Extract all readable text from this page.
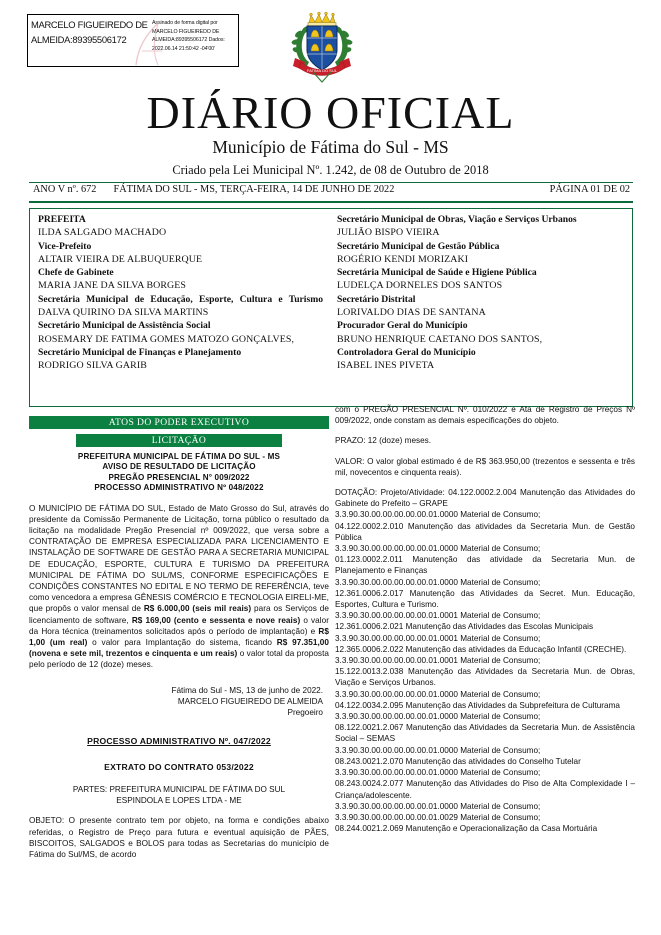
MARCELO FIGUEIREDO DE ALMEIDA:89395506172
Assinado de forma digital por MARCELO FIGUEIREDO DE ALMEIDA:89395506172 Dados: 2022.06.14 21:50:42 -04'00'
FATIMA DO SUL
DIÁRIO OFICIAL
Município de Fátima do Sul - MS
Criado pela Lei Municipal Nº. 1.242, de 08 de Outubro de 2018
ANO V nº. 672	FÁTIMA DO SUL - MS, TERÇA-FEIRA, 14 DE JUNHO DE 2022	PÁGINA 01 DE 02
PREFEITA
ILDA SALGADO MACHADO
Vice-Prefeito
ALTAIR VIEIRA DE ALBUQUERQUE
Chefe de Gabinete
MARIA JANE DA SILVA BORGES
Secretária Municipal de Educação, Esporte, Cultura e Turismo
DALVA QUIRINO DA SILVA MARTINS
Secretário Municipal de Assistência Social
ROSEMARY DE FATIMA GOMES MATOZO GONÇALVES,
Secretário Municipal de Finanças e Planejamento
RODRIGO SILVA GARIB
Secretário Municipal de Obras, Viação e Serviços Urbanos
JULIÃO BISPO VIEIRA
Secretário Municipal de Gestão Pública
ROGÉRIO KENDI MORIZAKI
Secretária Municipal de Saúde e Higiene Pública
LUDELÇA DORNELES DOS SANTOS
Secretário Distrital
LORIVALDO DIAS DE SANTANA
Procurador Geral do Município
BRUNO HENRIQUE CAETANO DOS SANTOS,
Controladora Geral do Município
ISABEL INES PIVETA
ATOS DO PODER EXECUTIVO
LICITAÇÃO
PREFEITURA MUNICIPAL DE FÁTIMA DO SUL - MS
AVISO DE RESULTADO DE LICITAÇÃO
PREGÃO PRESENCIAL N° 009/2022
PROCESSO ADMINISTRATIVO Nº 048/2022
O MUNICÍPIO DE FÁTIMA DO SUL, Estado de Mato Grosso do Sul, através do presidente da Comissão Permanente de Licitação, torna público o resultado da licitação na modalidade Pregão Presencial nº 009/2022, que versa sobre a CONTRATAÇÃO DE EMPRESA ESPECIALIZADA PARA LICENCIAMENTO E INSTALAÇÃO DE SOFTWARE DE GESTÃO PARA A SECRETARIA MUNICIPAL DE EDUCAÇÃO, ESPORTE, CULTURA E TURISMO DA PREFEITURA MUNICIPAL DE FÁTIMA DO SUL/MS, CONFORME ESPECIFICAÇÕES E CONDIÇÕES CONSTANTES NO EDITAL E NO TERMO DE REFERÊNCIA, teve como vencedora a empresa GÊNESIS COMÉRCIO E TECNOLOGIA EIRELI-ME, que propôs o valor mensal de R$ 6.000,00 (seis mil reais) para os Serviços de licenciamento de software, R$ 169,00 (cento e sessenta e nove reais) o valor da Hora técnica (treinamentos solicitados após o período de implantação) e R$ 1,00 (um real) o valor para Implantação do sistema, ficando R$ 97.351,00 (novena e sete mil, trezentos e cinquenta e um reais) o valor total da proposta pelo período de 12 (doze) meses.
Fátima do Sul - MS, 13 de junho de 2022.
MARCELO FIGUEIREDO DE ALMEIDA
Pregoeiro
PROCESSO ADMINISTRATIVO Nº. 047/2022
EXTRATO DO CONTRATO 053/2022
PARTES: PREFEITURA MUNICIPAL DE FÁTIMA DO SUL
ESPINDOLA E LOPES LTDA - ME
OBJETO: O presente contrato tem por objeto, na forma e condições abaixo referidas, o Registro de Preço para futura e eventual aquisição de PÃES, BISCOITOS, SALGADOS e BOLOS para todas as Secretarias do município de Fátima do Sul/MS, de acordo
com o PREGÃO PRESENCIAL Nº. 010/2022 e Ata de Registro de Preços Nº 009/2022, onde constam as demais especificações do objeto.
PRAZO: 12 (doze) meses.
VALOR: O valor global estimado é de R$ 363.950,00 (trezentos e sessenta e três mil, novecentos e cinquenta reais).
DOTAÇÃO: Projeto/Atividade: 04.122.0002.2.004 Manutenção das Atividades do Gabinete do Prefeito – GRAPE
3.3.90.30.00.00.00.00.00.01.0000 Material de Consumo;
04.122.0002.2.010 Manutenção das atividades da Secretaria Mun. de Gestão Pública
3.3.90.30.00.00.00.00.00.01.0000 Material de Consumo;
01.123.0002.2.011 Manutenção das atividade da Secretaria Mun. de Planejamento e Finanças
3.3.90.30.00.00.00.00.00.01.0000 Material de Consumo;
12.361.0006.2.017 Manutenção das Atividades da Secret. Mun. Educação, Esportes, Cultura e Turismo.
3.3.90.30.00.00.00.00.00.01.0001 Material de Consumo;
12.361.0006.2.021 Manutenção das Atividades das Escolas Municipais
3.3.90.30.00.00.00.00.00.01.0001 Material de Consumo;
12.365.0006.2.022 Manutenção das atividades da Educação Infantil (CRECHE).
3.3.90.30.00.00.00.00.00.01.0001 Material de Consumo;
15.122.0013.2.038 Manutenção das Atividades da Secretaria Mun. de Obras, Viação e Serviços Urbanos.
3.3.90.30.00.00.00.00.00.01.0000 Material de Consumo;
04.122.0034.2.095 Manutenção das Atividades da Subprefeitura de Culturama
3.3.90.30.00.00.00.00.00.01.0000 Material de Consumo;
08.122.0021.2.067 Manutenção das Atividades da Secretaria Mun. de Assistência Social – SEMAS
3.3.90.30.00.00.00.00.00.01.0000 Material de Consumo;
08.243.0021.2.070 Manutenção das atividades do Conselho Tutelar
3.3.90.30.00.00.00.00.00.01.0000 Material de Consumo;
08.243.0024.2.077 Manutenção das Atividades do Piso de Alta Complexidade I – Criança/adolescente.
3.3.90.30.00.00.00.00.00.01.0000 Material de Consumo;
3.3.90.30.00.00.00.00.00.01.0029 Material de Consumo;
08.244.0021.2.069 Manutenção e Operacionalização da Casa Mortuária
